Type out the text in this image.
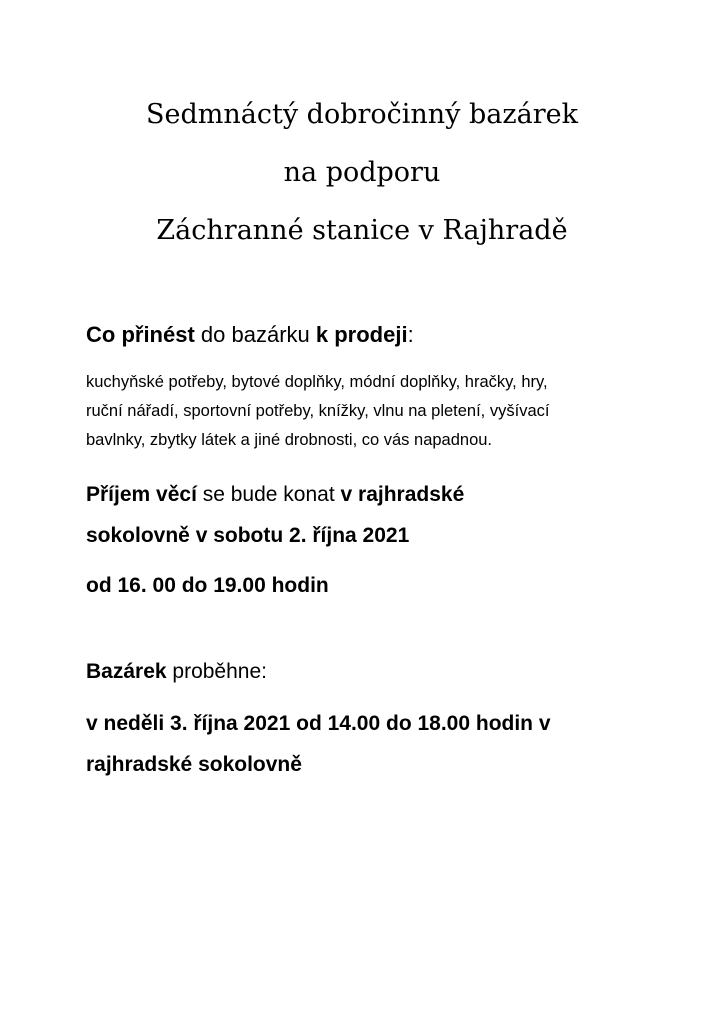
Sedmnáctý dobročinný bazárek
na podporu
Záchranné stanice v Rajhradě
Co přinést do bazárku k prodeji:
kuchyňské potřeby, bytové doplňky, módní doplňky, hračky, hry,
ruční nářadí, sportovní potřeby, knížky, vlnu na pletení, vyšívací
bavlnky, zbytky látek a jiné drobnosti, co vás napadnou.
Příjem věcí se bude konat v rajhradské
sokolovně v sobotu 2. října 2021
od 16. 00 do 19.00 hodin
Bazárek proběhne:
v neděli 3. října 2021 od 14.00 do 18.00 hodin v
rajhradské sokolovně
